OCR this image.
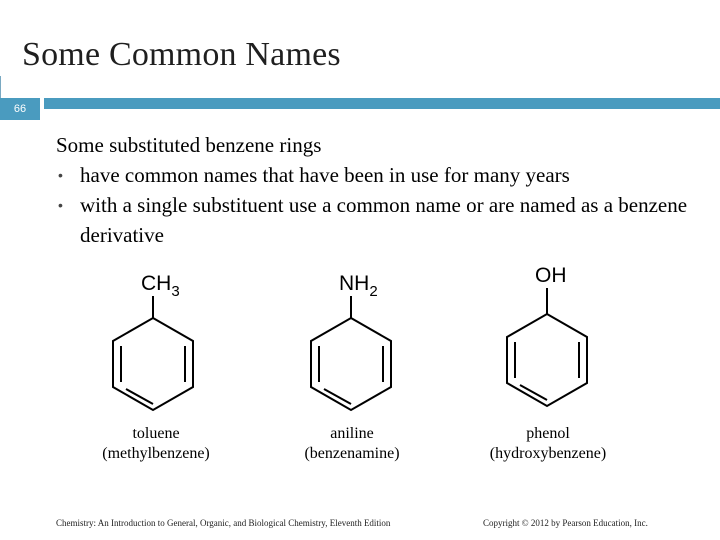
Some Common Names
66
Some substituted benzene rings
• have common names that have been in use for many years
• with a single substituent use a common name or are named as a benzene derivative
$CH_3$
toluene
(methylbenzene)
$NH_2$
aniline
(benzenamine)
OH
phenol
(hydroxybenzene)
Chemistry: An Introduction to General, Organic, and Biological Chemistry, Eleventh Edition	Copyright © 2012 by Pearson Education, Inc.
